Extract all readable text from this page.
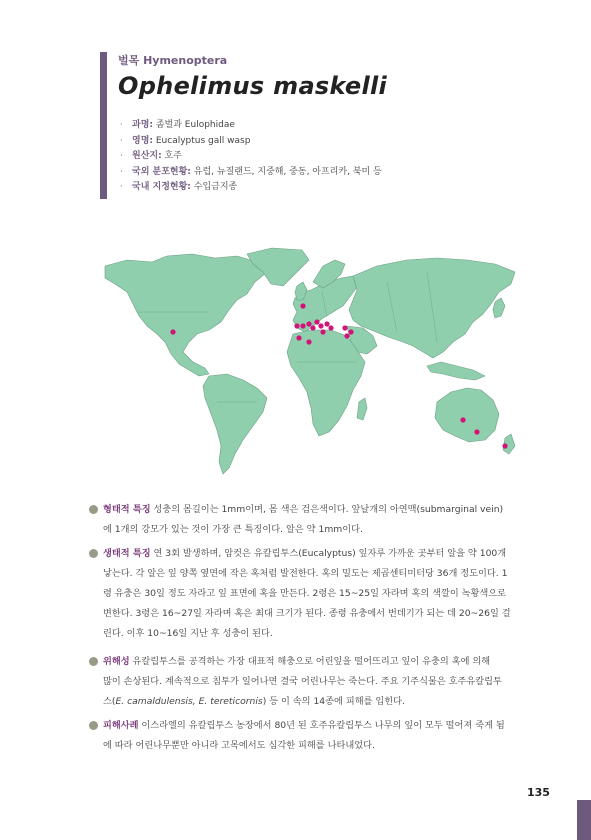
벌목 Hymenoptera
Ophelimus maskelli
· 과명: 좀벌과 Eulophidae
· 영명: Eucalyptus gall wasp
· 원산지: 호주
· 국외 분포현황: 유럽, 뉴질랜드, 지중해, 중동, 아프리카, 북미 등
· 국내 지정현황: 수입금지종
형태적 특징 성충의 몸길이는 1mm이며, 몸 색은 검은색이다. 앞날개의 아연맥(submarginal vein)
에 1개의 강모가 있는 것이 가장 큰 특징이다. 알은 약 1mm이다.
생태적 특징 연 3회 발생하며, 암컷은 유칼립투스(Eucalyptus) 잎자루 가까운 곳부터 알을 약 100개
낳는다. 각 알은 잎 양쪽 옆면에 작은 혹처럼 발전한다. 혹의 밀도는 제곱센티미터당 36개 정도이다. 1
령 유충은 30일 정도 자라고 잎 표면에 혹을 만든다. 2령은 15~25일 자라며 혹의 색깔이 녹황색으로
변한다. 3령은 16~27일 자라며 혹은 최대 크기가 된다. 종령 유충에서 번데기가 되는 데 20~26일 걸
린다. 이후 10~16일 지난 후 성충이 된다.
위해성 유칼립투스를 공격하는 가장 대표적 해충으로 어린잎을 떨어뜨리고 잎이 유충의 혹에 의해
많이 손상된다. 계속적으로 침투가 일어나면 결국 어린나무는 죽는다. 주요 기주식물은 호주유칼립투
스(E. camaldulensis, E. tereticornis) 등 이 속의 14종에 피해를 입힌다.
피해사례 이스라엘의 유칼립투스 농장에서 80년 된 호주유칼립투스 나무의 잎이 모두 떨어져 죽게 됨
에 따라 어린나무뿐만 아니라 고목에서도 심각한 피해를 나타내었다.
135
